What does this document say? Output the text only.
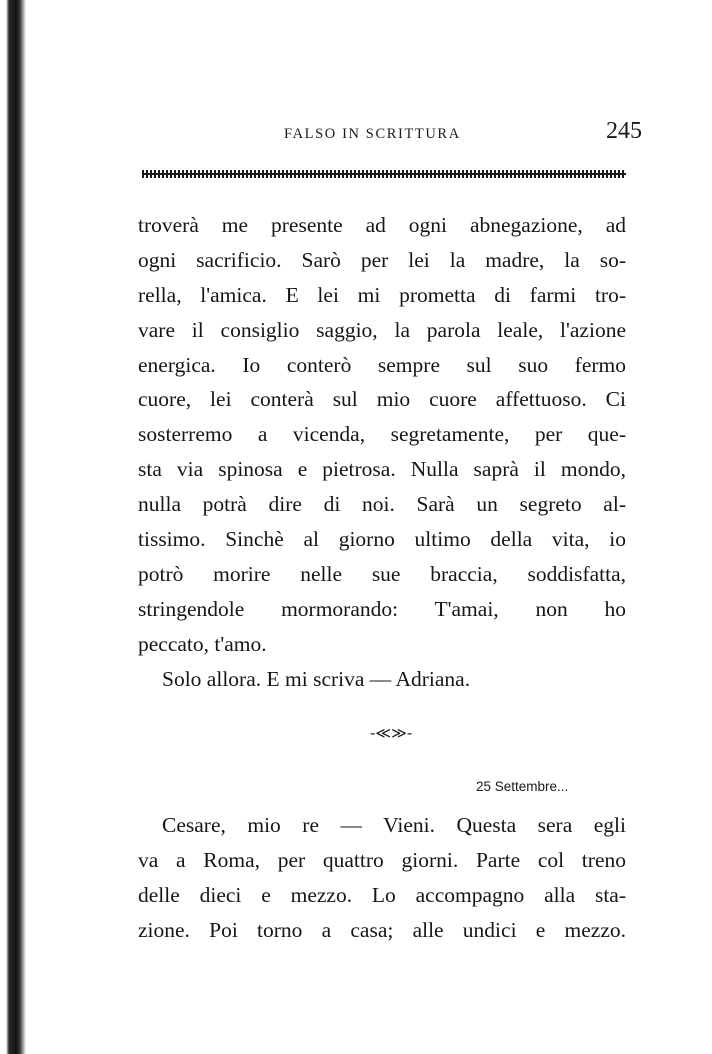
FALSO IN SCRITTURA	245
troverà me presente ad ogni abnegazione, ad
ogni sacrificio. Sarò per lei la madre, la so-
rella, l'amica. E lei mi prometta di farmi tro-
vare il consiglio saggio, la parola leale, l'azione
energica. Io conterò sempre sul suo fermo
cuore, lei conterà sul mio cuore affettuoso. Ci
sosterremo a vicenda, segretamente, per que-
sta via spinosa e pietrosa. Nulla saprà il mondo,
nulla potrà dire di noi. Sarà un segreto al-
tissimo. Sinchè al giorno ultimo della vita, io
potrò morire nelle sue braccia, soddisfatta,
stringendole mormorando: T'amai, non ho
peccato, t'amo.
Solo allora. E mi scriva — Adriana.
-≪≫-
25 Settembre...
Cesare, mio re — Vieni. Questa sera egli
va a Roma, per quattro giorni. Parte col treno
delle dieci e mezzo. Lo accompagno alla sta-
zione. Poi torno a casa; alle undici e mezzo.
